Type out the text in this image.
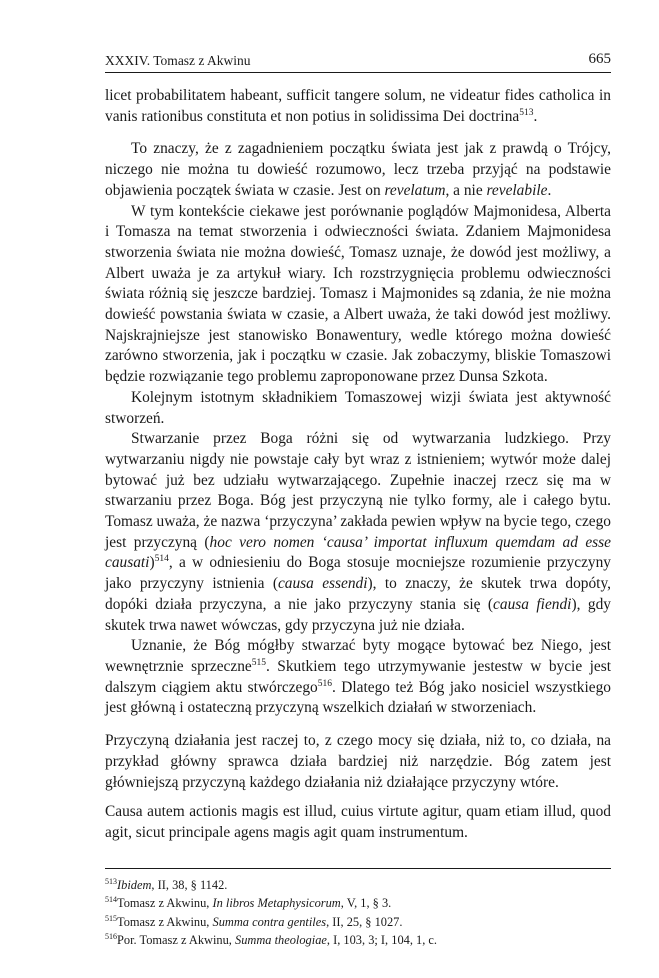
XXXIV. Tomasz z Akwinu	665

licet probabilitatem habeant, sufficit tangere solum, ne videatur fides catholica in vanis rationibus constituta et non potius in solidissima Dei doctrina$^{513}$.

To znaczy, że z zagadnieniem początku świata jest jak z prawdą o Trójcy, niczego nie można tu dowieść rozumowo, lecz trzeba przyjąć na podstawie objawienia początek świata w czasie. Jest on revelatum, a nie revelabile.

W tym kontekście ciekawe jest porównanie poglądów Majmonidesa, Alberta i Tomasza na temat stworzenia i odwieczności świata. Zdaniem Majmonidesa stworzenia świata nie można dowieść, Tomasz uznaje, że dowód jest możliwy, a Albert uważa je za artykuł wiary. Ich rozstrzygnięcia problemu odwieczności świata różnią się jeszcze bardziej. Tomasz i Majmonides są zdania, że nie można dowieść powstania świata w czasie, a Albert uważa, że taki dowód jest możliwy. Najskrajniejsze jest stanowisko Bonawentury, wedle którego można dowieść zarówno stworzenia, jak i początku w czasie. Jak zobaczymy, bliskie Tomaszowi będzie rozwiązanie tego problemu zaproponowane przez Dunsa Szkota.

Kolejnym istotnym składnikiem Tomaszowej wizji świata jest aktywność stworzeń.

Stwarzanie przez Boga różni się od wytwarzania ludzkiego. Przy wytwarzaniu nigdy nie powstaje cały byt wraz z istnieniem; wytwór może dalej bytować już bez udziału wytwarzającego. Zupełnie inaczej rzecz się ma w stwarzaniu przez Boga. Bóg jest przyczyną nie tylko formy, ale i całego bytu. Tomasz uważa, że nazwa ‘przyczyna’ zakłada pewien wpływ na bycie tego, czego jest przyczyną (hoc vero nomen ‘causa’ importat influxum quemdam ad esse causati)$^{514}$, a w odniesieniu do Boga stosuje mocniejsze rozumienie przyczyny jako przyczyny istnienia (causa essendi), to znaczy, że skutek trwa dopóty, dopóki działa przyczyna, a nie jako przyczyny stania się (causa fiendi), gdy skutek trwa nawet wówczas, gdy przyczyna już nie działa.

Uznanie, że Bóg mógłby stwarzać byty mogące bytować bez Niego, jest wewnętrznie sprzeczne$^{515}$. Skutkiem tego utrzymywanie jestestw w bycie jest dalszym ciągiem aktu stwórczego$^{516}$. Dlatego też Bóg jako nosiciel wszystkiego jest główną i ostateczną przyczyną wszelkich działań w stworzeniach.

Przyczyną działania jest raczej to, z czego mocy się działa, niż to, co działa, na przykład główny sprawca działa bardziej niż narzędzie. Bóg zatem jest główniejszą przyczyną każdego działania niż działające przyczyny wtóre.

Causa autem actionis magis est illud, cuius virtute agitur, quam etiam illud, quod agit, sicut principale agens magis agit quam instrumentum.

$^{513}$Ibidem, II, 38, § 1142.
$^{514}$Tomasz z Akwinu, In libros Metaphysicorum, V, 1, § 3.
$^{515}$Tomasz z Akwinu, Summa contra gentiles, II, 25, § 1027.
$^{516}$Por. Tomasz z Akwinu, Summa theologiae, I, 103, 3; I, 104, 1, c.
